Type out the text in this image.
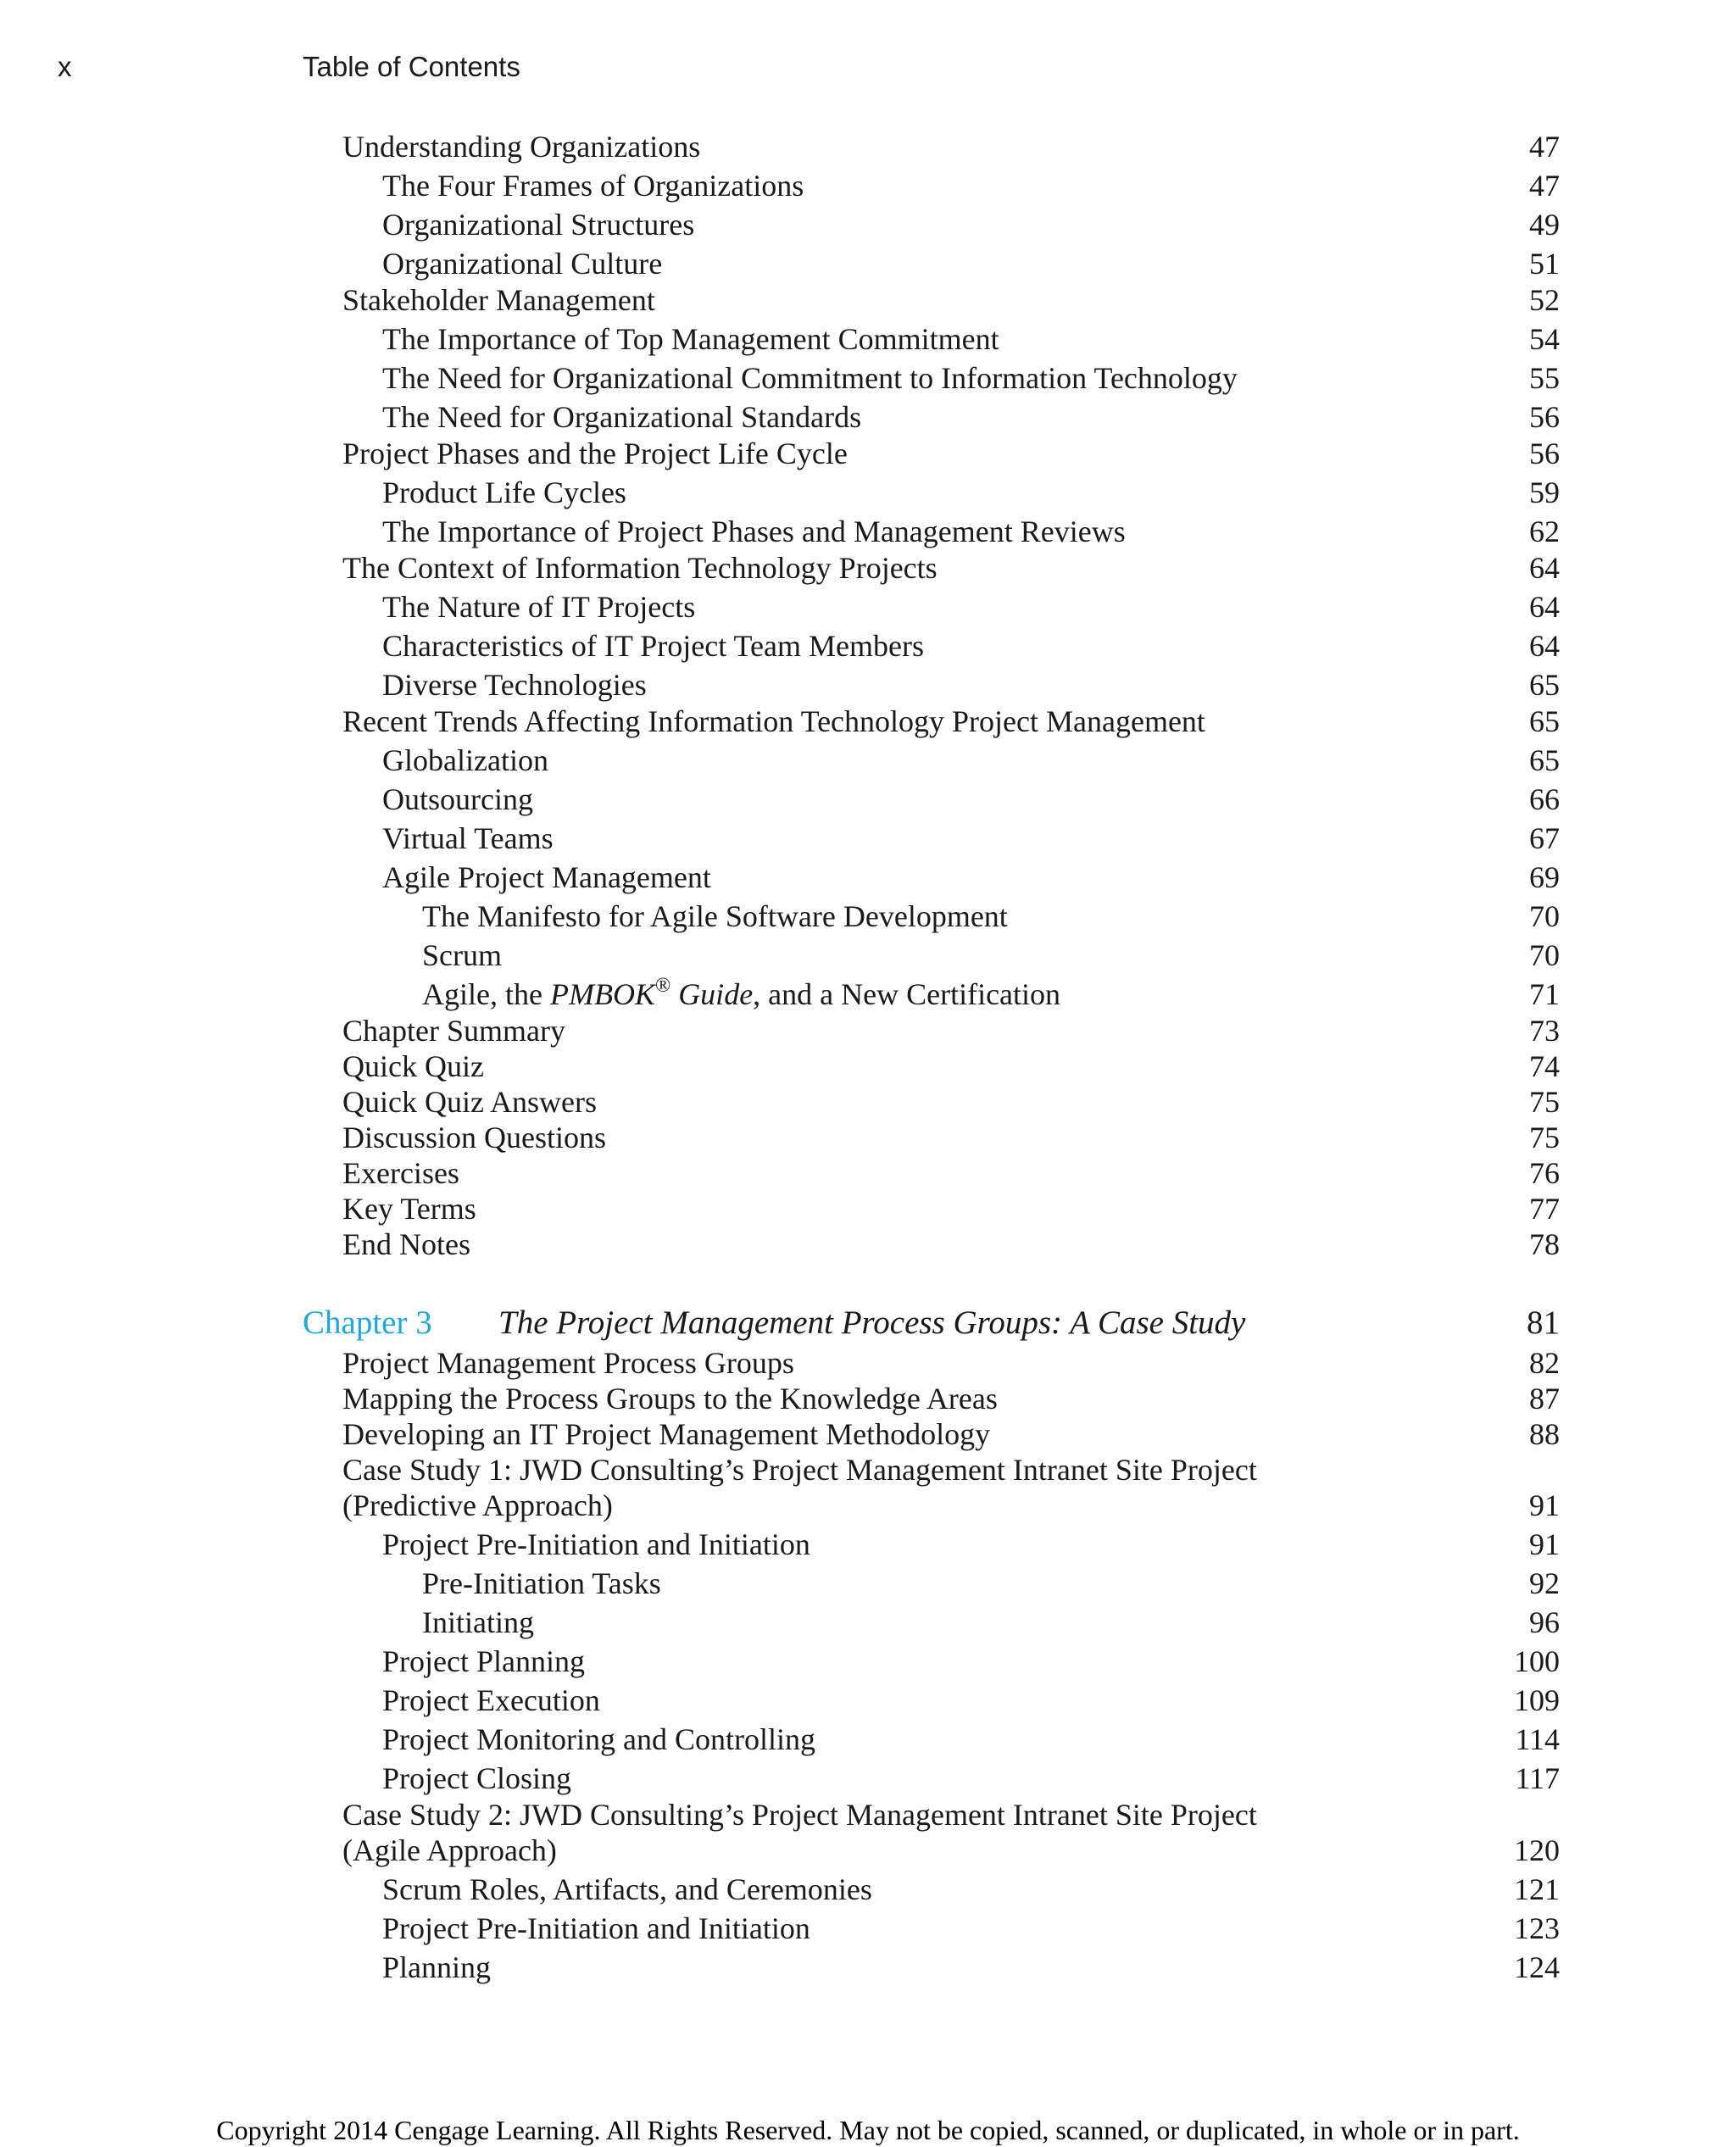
x	Table of Contents
Understanding Organizations	47
The Four Frames of Organizations	47
Organizational Structures	49
Organizational Culture	51
Stakeholder Management	52
The Importance of Top Management Commitment	54
The Need for Organizational Commitment to Information Technology	55
The Need for Organizational Standards	56
Project Phases and the Project Life Cycle	56
Product Life Cycles	59
The Importance of Project Phases and Management Reviews	62
The Context of Information Technology Projects	64
The Nature of IT Projects	64
Characteristics of IT Project Team Members	64
Diverse Technologies	65
Recent Trends Affecting Information Technology Project Management	65
Globalization	65
Outsourcing	66
Virtual Teams	67
Agile Project Management	69
The Manifesto for Agile Software Development	70
Scrum	70
Agile, the PMBOK® Guide, and a New Certification	71
Chapter Summary	73
Quick Quiz	74
Quick Quiz Answers	75
Discussion Questions	75
Exercises	76
Key Terms	77
End Notes	78
Chapter 3 The Project Management Process Groups: A Case Study	81
Project Management Process Groups	82
Mapping the Process Groups to the Knowledge Areas	87
Developing an IT Project Management Methodology	88
Case Study 1: JWD Consulting’s Project Management Intranet Site Project
(Predictive Approach)	91
Project Pre-Initiation and Initiation	91
Pre-Initiation Tasks	92
Initiating	96
Project Planning	100
Project Execution	109
Project Monitoring and Controlling	114
Project Closing	117
Case Study 2: JWD Consulting’s Project Management Intranet Site Project
(Agile Approach)	120
Scrum Roles, Artifacts, and Ceremonies	121
Project Pre-Initiation and Initiation	123
Planning	124
Copyright 2014 Cengage Learning. All Rights Reserved. May not be copied, scanned, or duplicated, in whole or in part.
